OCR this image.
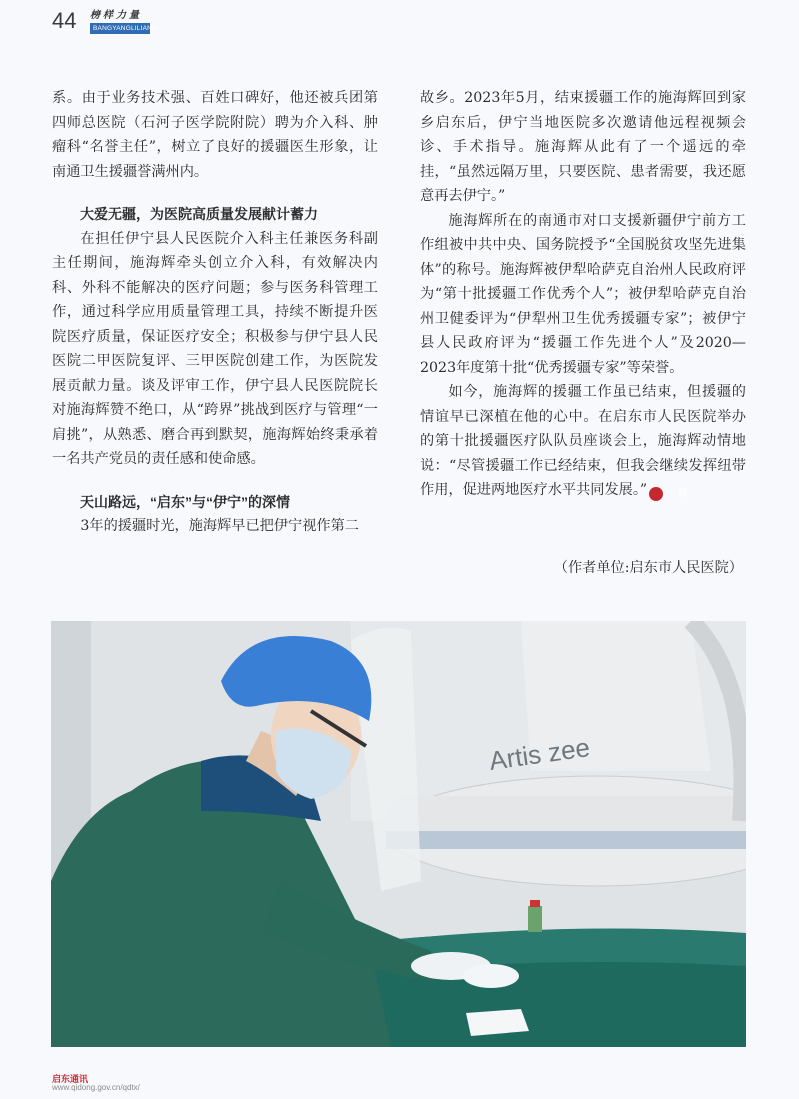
44 榜样力量
BANGYANGLILIANG

系。由于业务技术强、百姓口碑好，他还被兵团第四师总医院（石河子医学院附院）聘为介入科、肿瘤科“名誉主任”，树立了良好的援疆医生形象，让南通卫生援疆誉满州内。

大爱无疆，为医院高质量发展献计蓄力

在担任伊宁县人民医院介入科主任兼医务科副主任期间，施海辉牵头创立介入科，有效解决内科、外科不能解决的医疗问题；参与医务科管理工作，通过科学应用质量管理工具，持续不断提升医院医疗质量，保证医疗安全；积极参与伊宁县人民医院二甲医院复评、三甲医院创建工作，为医院发展贡献力量。谈及评审工作，伊宁县人民医院院长对施海辉赞不绝口，从“跨界”挑战到医疗与管理“一肩挑”，从熟悉、磨合再到默契，施海辉始终秉承着一名共产党员的责任感和使命感。

天山路远，“启东”与“伊宁”的深情

3年的援疆时光，施海辉早已把伊宁视作第二

故乡。2023年5月，结束援疆工作的施海辉回到家乡启东后，伊宁当地医院多次邀请他远程视频会诊、手术指导。施海辉从此有了一个遥远的牵挂，“虽然远隔万里，只要医院、患者需要，我还愿意再去伊宁。”

施海辉所在的南通市对口支援新疆伊宁前方工作组被中共中央、国务院授予“全国脱贫攻坚先进集体”的称号。施海辉被伊犁哈萨克自治州人民政府评为“第十批援疆工作优秀个人”；被伊犁哈萨克自治州卫健委评为“伊犁州卫生优秀援疆专家”；被伊宁县人民政府评为“援疆工作先进个人”及2020—2023年度第十批“优秀援疆专家”等荣誉。

如今，施海辉的援疆工作虽已结束，但援疆的情谊早已深植在他的心中。在启东市人民医院举办的第十批援疆医疗队队员座谈会上，施海辉动情地说：“尽管援疆工作已经结束，但我会继续发挥纽带作用，促进两地医疗水平共同发展。”	启

（作者单位:启东市人民医院）
Artis zee
启东通讯
www.qidong.gov.cn/qdtx/
